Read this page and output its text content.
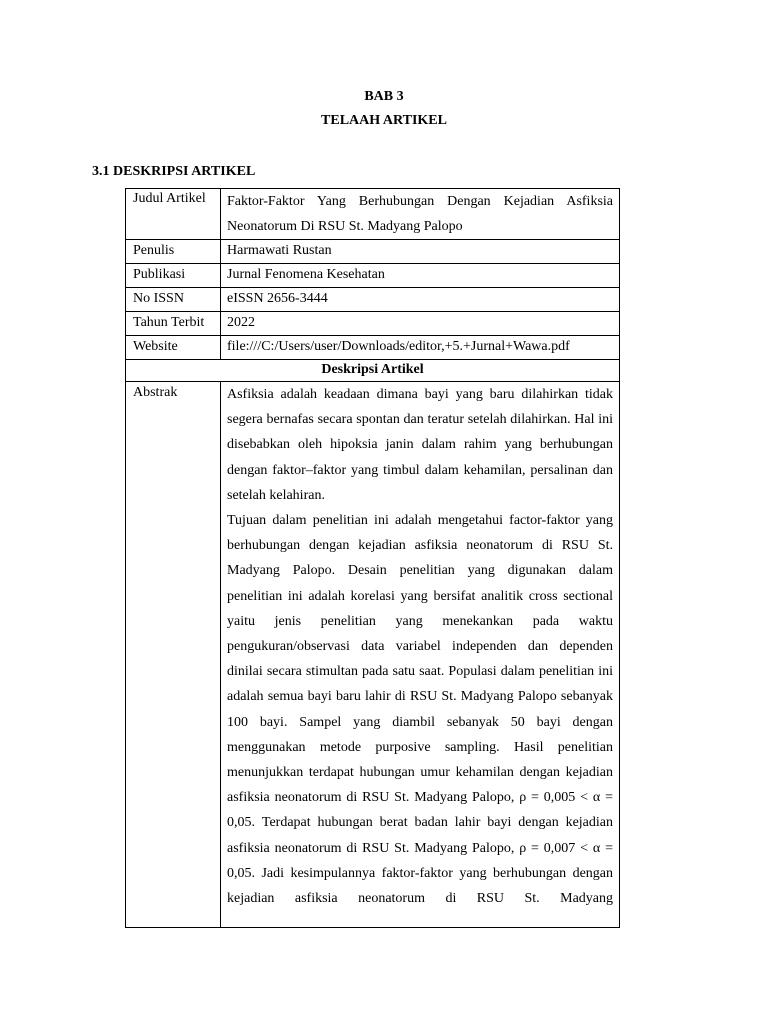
BAB 3
TELAAH ARTIKEL
3.1 DESKRIPSI ARTIKEL
Judul Artikel	Faktor-Faktor Yang Berhubungan Dengan Kejadian Asfiksia Neonatorum Di RSU St. Madyang Palopo
Penulis	Harmawati Rustan
Publikasi	Jurnal Fenomena Kesehatan
No ISSN	eISSN 2656-3444
Tahun Terbit	2022
Website	file:///C:/Users/user/Downloads/editor,+5.+Jurnal+Wawa.pdf
Deskripsi Artikel	
Abstrak	Asfiksia adalah keadaan dimana bayi yang baru dilahirkan tidak segera bernafas secara spontan dan teratur setelah dilahirkan. Hal ini disebabkan oleh hipoksia janin dalam rahim yang berhubungan dengan faktor–faktor yang timbul dalam kehamilan, persalinan dan setelah kelahiran.

Tujuan dalam penelitian ini adalah mengetahui factor-faktor yang berhubungan dengan kejadian asfiksia neonatorum di RSU St. Madyang Palopo. Desain penelitian yang digunakan dalam penelitian ini adalah korelasi yang bersifat analitik cross sectional yaitu jenis penelitian yang menekankan pada waktu pengukuran/observasi data variabel independen dan dependen dinilai secara stimultan pada satu saat. Populasi dalam penelitian ini adalah semua bayi baru lahir di RSU St. Madyang Palopo sebanyak 100 bayi. Sampel yang diambil sebanyak 50 bayi dengan menggunakan metode purposive sampling. Hasil penelitian menunjukkan terdapat hubungan umur kehamilan dengan kejadian asfiksia neonatorum di RSU St. Madyang Palopo, ρ = 0,005 < α = 0,05. Terdapat hubungan berat badan lahir bayi dengan kejadian asfiksia neonatorum di RSU St. Madyang Palopo, ρ = 0,007 < α = 0,05. Jadi kesimpulannya faktor-faktor yang berhubungan dengan kejadian asfiksia neonatorum di RSU St. Madyang
